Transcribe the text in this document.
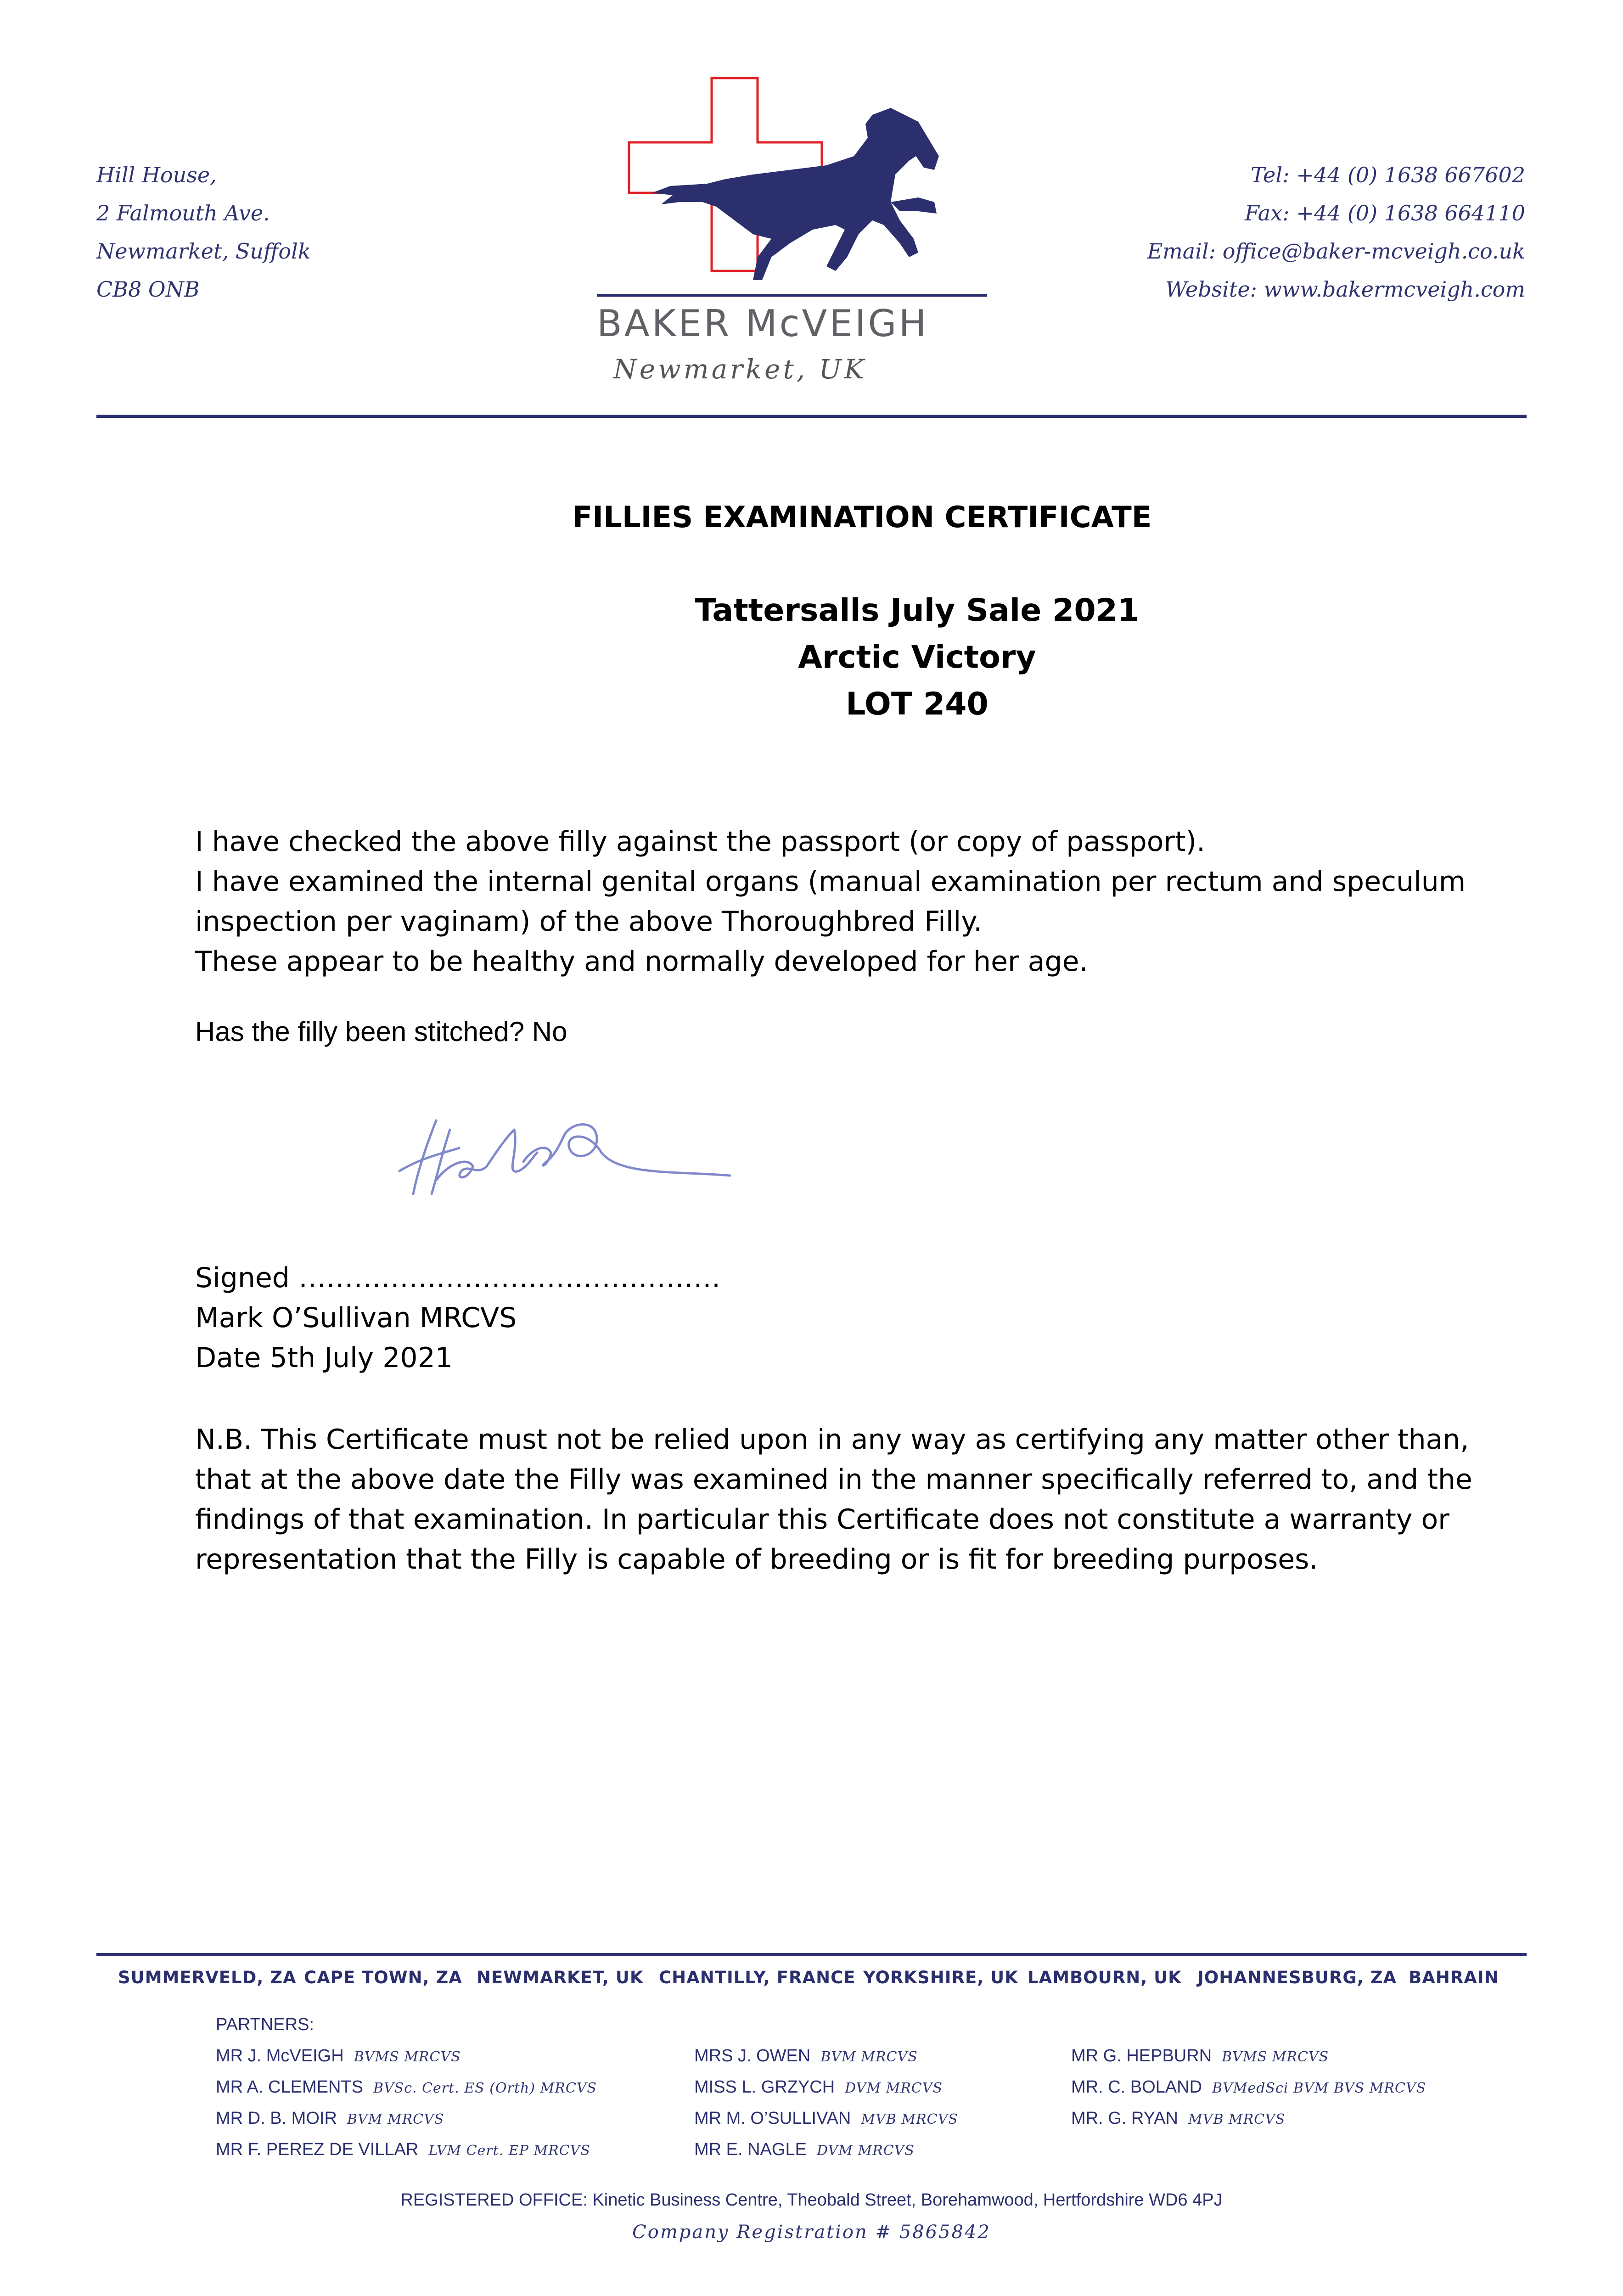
Hill House,
2 Falmouth Ave.
Newmarket, Suffolk
CB8 ONB
Tel: +44 (0) 1638 667602
Fax: +44 (0) 1638 664110
Email: office@baker-mcveigh.co.uk
Website: www.bakermcveigh.com
BAKER McVEIGH
Newmarket, UK
FILLIES EXAMINATION CERTIFICATE
Tattersalls July Sale 2021
Arctic Victory
LOT 240
I have checked the above filly against the passport (or copy of passport).
I have examined the internal genital organs (manual examination per rectum and speculum
inspection per vaginam) of the above Thoroughbred Filly.
These appear to be healthy and normally developed for her age.
Has the filly been stitched? No
Signed ……………………………………….
Mark O’Sullivan MRCVS
Date 5th July 2021
N.B. This Certificate must not be relied upon in any way as certifying any matter other than,
that at the above date the Filly was examined in the manner specifically referred to, and the
findings of that examination. In particular this Certificate does not constitute a warranty or
representation that the Filly is capable of breeding or is fit for breeding purposes.
SUMMERVELD, ZA CAPE TOWN, ZA NEWMARKET, UK CHANTILLY, FRANCE YORKSHIRE, UK LAMBOURN, UK JOHANNESBURG, ZA BAHRAIN
PARTNERS:
MR J. McVEIGH BVMS MRCVS
MR A. CLEMENTS BVSc. Cert. ES (Orth) MRCVS
MR D. B. MOIR BVM MRCVS
MR F. PEREZ DE VILLAR LVM Cert. EP MRCVS
MRS J. OWEN BVM MRCVS
MISS L. GRZYCH DVM MRCVS
MR M. O’SULLIVAN MVB MRCVS
MR E. NAGLE DVM MRCVS
MR G. HEPBURN BVMS MRCVS
MR. C. BOLAND BVMedSci BVM BVS MRCVS
MR. G. RYAN MVB MRCVS
REGISTERED OFFICE: Kinetic Business Centre, Theobald Street, Borehamwood, Hertfordshire WD6 4PJ
Company Registration # 5865842
